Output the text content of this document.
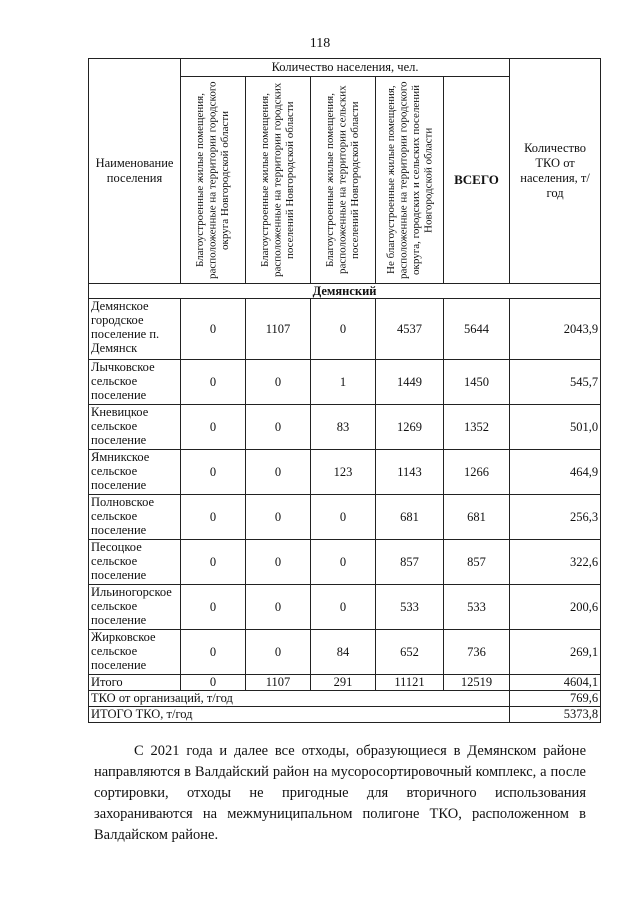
118
Наименование поселения	Количество населения, чел.					Количество ТКО от населения, т/год

	Благоустроенные жилые помещения, расположенные на территории городского округа Новгородской области	Благоустроенные жилые помещения, расположенные на территории городских поселений Новгородской области	Благоустроенные жилые помещения, расположенные на территории сельских поселений Новгородской области	Не благоустроенные жилые помещения, расположенные на территории городского округа, городских и сельских поселений Новгородской области	ВСЕГО	
Демянский						
Демянское городское поселение п. Демянск	0	1107	0	4537	5644	2043,9
Лычковское сельское поселение	0	0	1	1449	1450	545,7
Кневицкое сельское поселение	0	0	83	1269	1352	501,0
Ямникское сельское поселение	0	0	123	1143	1266	464,9
Полновское сельское поселение	0	0	0	681	681	256,3
Песоцкое сельское поселение	0	0	0	857	857	322,6
Ильиногорское сельское поселение	0	0	0	533	533	200,6
Жирковское сельское поселение	0	0	84	652	736	269,1
Итого	0	1107	291	11121	12519	4604,1
ТКО от организаций, т/год						769,6
ИТОГО ТКО, т/год						5373,8

С 2021 года и далее все отходы, образующиеся в Демянском районе направляются в Валдайский район на мусоросортировочный комплекс, а после сортировки, отходы не пригодные для вторичного использования захораниваются на межмуниципальном полигоне ТКО, расположенном в Валдайском районе.
